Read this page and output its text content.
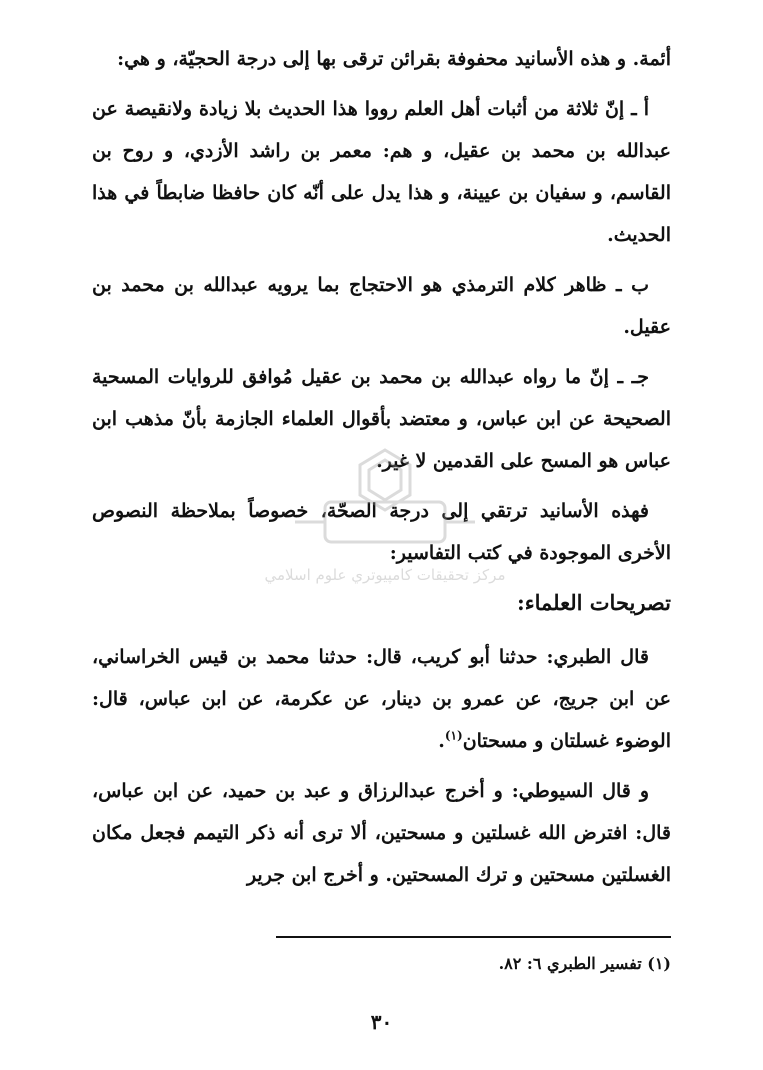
أئمة. و هذه الأسانيد محفوفة بقرائن ترقى بها إلى درجة الحجيّة، و هي:

أ ـ إنّ ثلاثة من أثبات أهل العلم رووا هذا الحديث بلا زيادة ولانقيصة عن عبدالله بن محمد بن عقيل، و هم: معمر بن راشد الأزدي، و روح بن القاسم، و سفيان بن عيينة، و هذا يدل على أنّه كان حافظا ضابطاً في هذا الحديث.

ب ـ ظاهر كلام الترمذي هو الاحتجاج بما يرويه عبدالله بن محمد بن عقيل.

جـ ـ إنّ ما رواه عبدالله بن محمد بن عقيل مُوافق للروايات المسحية الصحيحة عن ابن عباس، و معتضد بأقوال العلماء الجازمة بأنّ مذهب ابن عباس هو المسح على القدمين لا غير.

فهذه الأسانيد ترتقي إلى درجة الصحّة، خصوصاً بملاحظة النصوص الأخرى الموجودة في كتب التفاسير:

تصريحات العلماء:

قال الطبري: حدثنا أبو كريب، قال: حدثنا محمد بن قيس الخراساني، عن ابن جريج، عن عمرو بن دينار، عن عكرمة، عن ابن عباس، قال: الوضوء غسلتان و مسحتان$^{(١)}$.

و قال السيوطي: و أخرج عبدالرزاق و عبد بن حميد، عن ابن عباس، قال: افترض الله غسلتين و مسحتين، ألا ترى أنه ذكر التيمم فجعل مكان الغسلتين مسحتين و ترك المسحتين. و أخرج ابن جرير

مركز تحقيقات كامپيوتري علوم اسلامي
(١) تفسير الطبري ٦: ٨٢.
٣٠
